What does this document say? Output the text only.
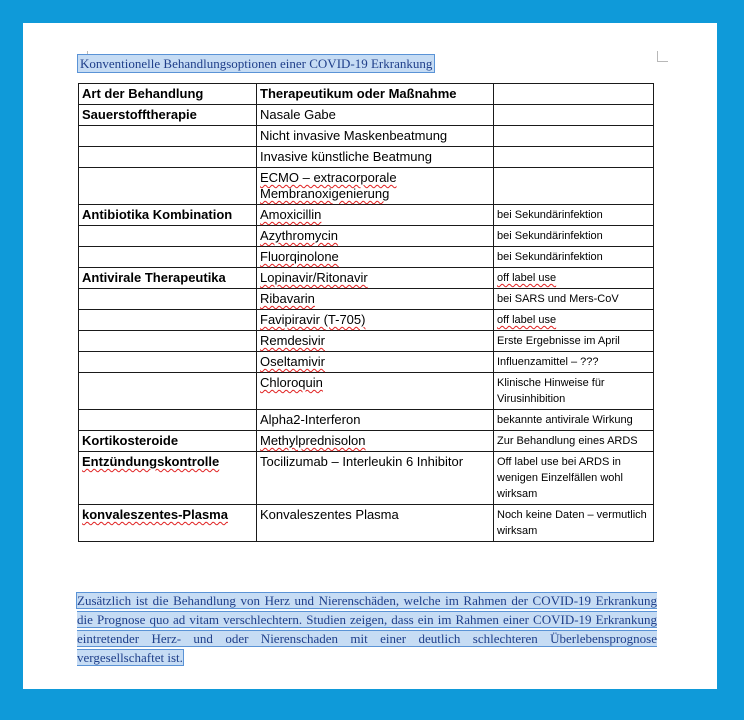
Konventionelle Behandlungsoptionen einer COVID-19 Erkrankung
Art der Behandlung	Therapeutikum oder Maßnahme	
Sauerstofftherapie	Nasale Gabe	
	Nicht invasive Maskenbeatmung	
	Invasive künstliche Beatmung	
	ECMO – extracorporale Membranoxigenierung	
Antibiotika Kombination	Amoxicillin	bei Sekundärinfektion
	Azythromycin	bei Sekundärinfektion
	Fluorqinolone	bei Sekundärinfektion
Antivirale Therapeutika	Lopinavir/Ritonavir	off label use
	Ribavarin	bei SARS und Mers-CoV
	Favipiravir (T-705)	off label use
	Remdesivir	Erste Ergebnisse im April
	Oseltamivir	Influenzamittel – ???
	Chloroquin	Klinische Hinweise für Virusinhibition
	Alpha2-Interferon	bekannte antivirale Wirkung
Kortikosteroide	Methylprednisolon	Zur Behandlung eines ARDS
Entzündungskontrolle	Tocilizumab – Interleukin 6 Inhibitor	Off label use bei ARDS in wenigen Einzelfällen wohl wirksam
konvaleszentes-Plasma	Konvaleszentes Plasma	Noch keine Daten – vermutlich wirksam
Zusätzlich ist die Behandlung von Herz und Nierenschäden, welche im Rahmen der COVID-19 Erkrankung die Prognose quo ad vitam verschlechtern. Studien zeigen, dass ein im Rahmen einer COVID-19 Erkrankung eintretender Herz- und oder Nierenschaden mit einer deutlich schlechteren Überlebensprognose vergesellschaftet ist.
